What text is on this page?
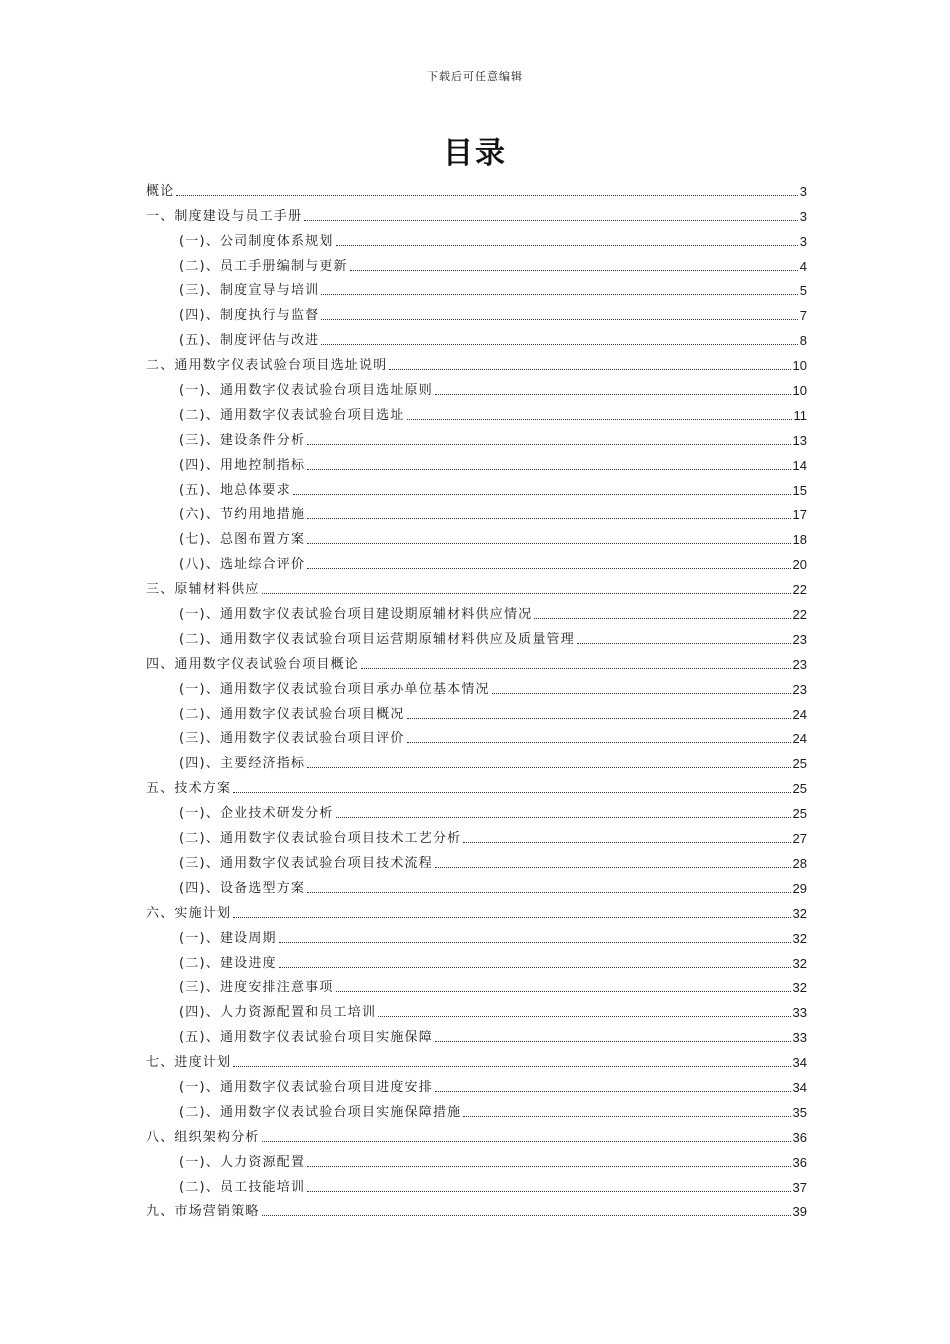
下载后可任意编辑
目录
概论	3
一、制度建设与员工手册	3
(一)、公司制度体系规划	3
(二)、员工手册编制与更新	4
(三)、制度宣导与培训	5
(四)、制度执行与监督	7
(五)、制度评估与改进	8
二、通用数字仪表试验台项目选址说明	10
(一)、通用数字仪表试验台项目选址原则	10
(二)、通用数字仪表试验台项目选址	11
(三)、建设条件分析	13
(四)、用地控制指标	14
(五)、地总体要求	15
(六)、节约用地措施	17
(七)、总图布置方案	18
(八)、选址综合评价	20
三、原辅材料供应	22
(一)、通用数字仪表试验台项目建设期原辅材料供应情况	22
(二)、通用数字仪表试验台项目运营期原辅材料供应及质量管理	23
四、通用数字仪表试验台项目概论	23
(一)、通用数字仪表试验台项目承办单位基本情况	23
(二)、通用数字仪表试验台项目概况	24
(三)、通用数字仪表试验台项目评价	24
(四)、主要经济指标	25
五、技术方案	25
(一)、企业技术研发分析	25
(二)、通用数字仪表试验台项目技术工艺分析	27
(三)、通用数字仪表试验台项目技术流程	28
(四)、设备选型方案	29
六、实施计划	32
(一)、建设周期	32
(二)、建设进度	32
(三)、进度安排注意事项	32
(四)、人力资源配置和员工培训	33
(五)、通用数字仪表试验台项目实施保障	33
七、进度计划	34
(一)、通用数字仪表试验台项目进度安排	34
(二)、通用数字仪表试验台项目实施保障措施	35
八、组织架构分析	36
(一)、人力资源配置	36
(二)、员工技能培训	37
九、市场营销策略	39
